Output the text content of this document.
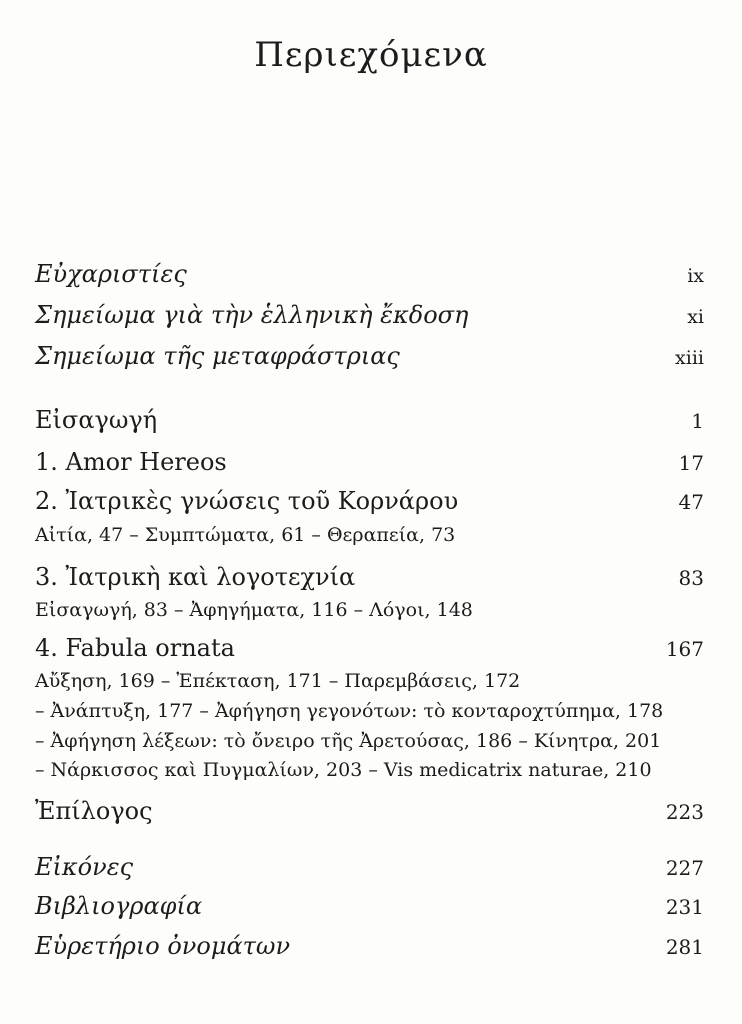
Περιεχόμενα
Εὐχαριστίες	ix
Σημείωμα γιὰ τὴν ἑλληνικὴ ἔκδοση	xi
Σημείωμα τῆς μεταφράστριας	xiii
Εἰσαγωγή	1
1. Amor Hereos	17
2. Ἰατρικὲς γνώσεις τοῦ Κορνάρου	47
Αἰτία, 47 – Συμπτώματα, 61 – Θεραπεία, 73
3. Ἰατρικὴ καὶ λογοτεχνία	83
Εἰσαγωγή, 83 – Ἀφηγήματα, 116 – Λόγοι, 148
4. Fabula ornata	167
Αὔξηση, 169 – Ἐπέκταση, 171 – Παρεμβάσεις, 172
– Ἀνάπτυξη, 177 – Ἀφήγηση γεγονότων: τὸ κονταροχτύπημα, 178
– Ἀφήγηση λέξεων: τὸ ὄνειρο τῆς Ἀρετούσας, 186 – Κίνητρα, 201
– Νάρκισσος καὶ Πυγμαλίων, 203 – Vis medicatrix naturae, 210
Ἐπίλογος	223
Εἰκόνες	227
Βιβλιογραφία	231
Εὑρετήριο ὀνομάτων	281
